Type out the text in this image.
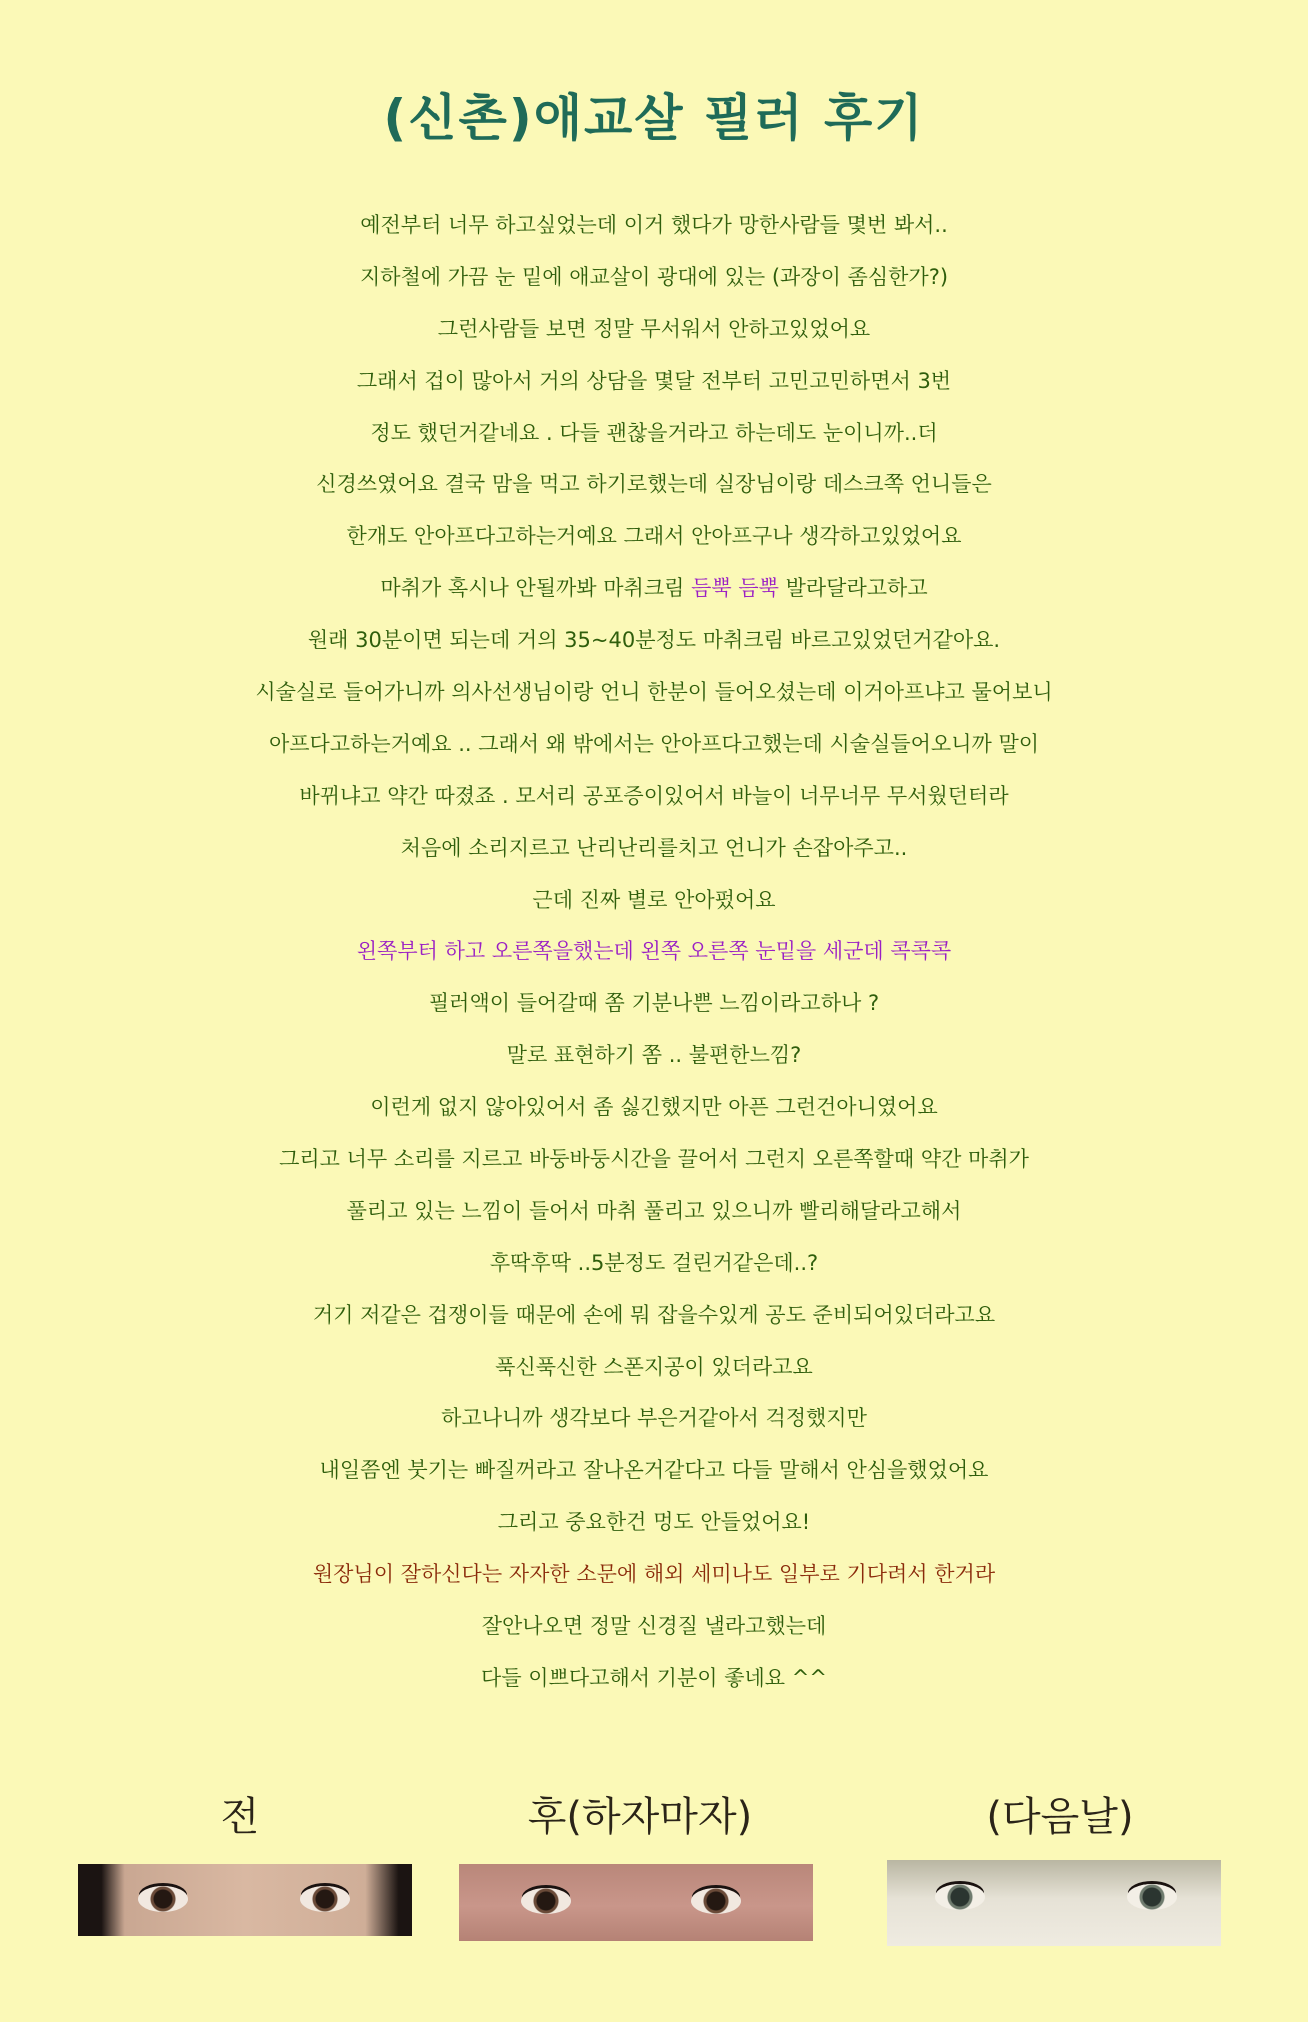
(신촌)애교살 필러 후기
예전부터 너무 하고싶었는데 이거 했다가 망한사람들 몇번 봐서..
지하철에 가끔 눈 밑에 애교살이 광대에 있는 (과장이 좀심한가?)
그런사람들 보면 정말 무서워서 안하고있었어요
그래서 겁이 많아서 거의 상담을 몇달 전부터 고민고민하면서 3번
정도 했던거같네요 . 다들 괜찮을거라고 하는데도 눈이니까..더
신경쓰였어요 결국 맘을 먹고 하기로했는데 실장님이랑 데스크쪽 언니들은
한개도 안아프다고하는거예요 그래서 안아프구나 생각하고있었어요
마취가 혹시나 안될까봐 마취크림 듬뿍 듬뿍 발라달라고하고
원래 30분이면 되는데 거의 35~40분정도 마취크림 바르고있었던거같아요.
시술실로 들어가니까 의사선생님이랑 언니 한분이 들어오셨는데 이거아프냐고 물어보니
아프다고하는거예요 .. 그래서 왜 밖에서는 안아프다고했는데 시술실들어오니까 말이
바뀌냐고 약간 따졌죠 . 모서리 공포증이있어서 바늘이 너무너무 무서웠던터라
처음에 소리지르고 난리난리를치고 언니가 손잡아주고..
근데 진짜 별로 안아펐어요
왼쪽부터 하고 오른쪽을했는데 왼쪽 오른쪽 눈밑을 세군데 콕콕콕
필러액이 들어갈때 쫌 기분나쁜 느낌이라고하나 ?
말로 표현하기 쫌 .. 불편한느낌?
이런게 없지 않아있어서 좀 싫긴했지만 아픈 그런건아니였어요
그리고 너무 소리를 지르고 바둥바둥시간을 끌어서 그런지 오른쪽할때 약간 마취가
풀리고 있는 느낌이 들어서 마취 풀리고 있으니까 빨리해달라고해서
후딱후딱 ..5분정도 걸린거같은데..?
거기 저같은 겁쟁이들 때문에 손에 뭐 잡을수있게 공도 준비되어있더라고요
푹신푹신한 스폰지공이 있더라고요
하고나니까 생각보다 부은거같아서 걱정했지만
내일쯤엔 붓기는 빠질꺼라고 잘나온거같다고 다들 말해서 안심을했었어요
그리고 중요한건 멍도 안들었어요!
원장님이 잘하신다는 자자한 소문에 해외 세미나도 일부로 기다려서 한거라
잘안나오면 정말 신경질 낼라고했는데
다들 이쁘다고해서 기분이 좋네요 ^^
전	후(하자마자)	(다음날)
